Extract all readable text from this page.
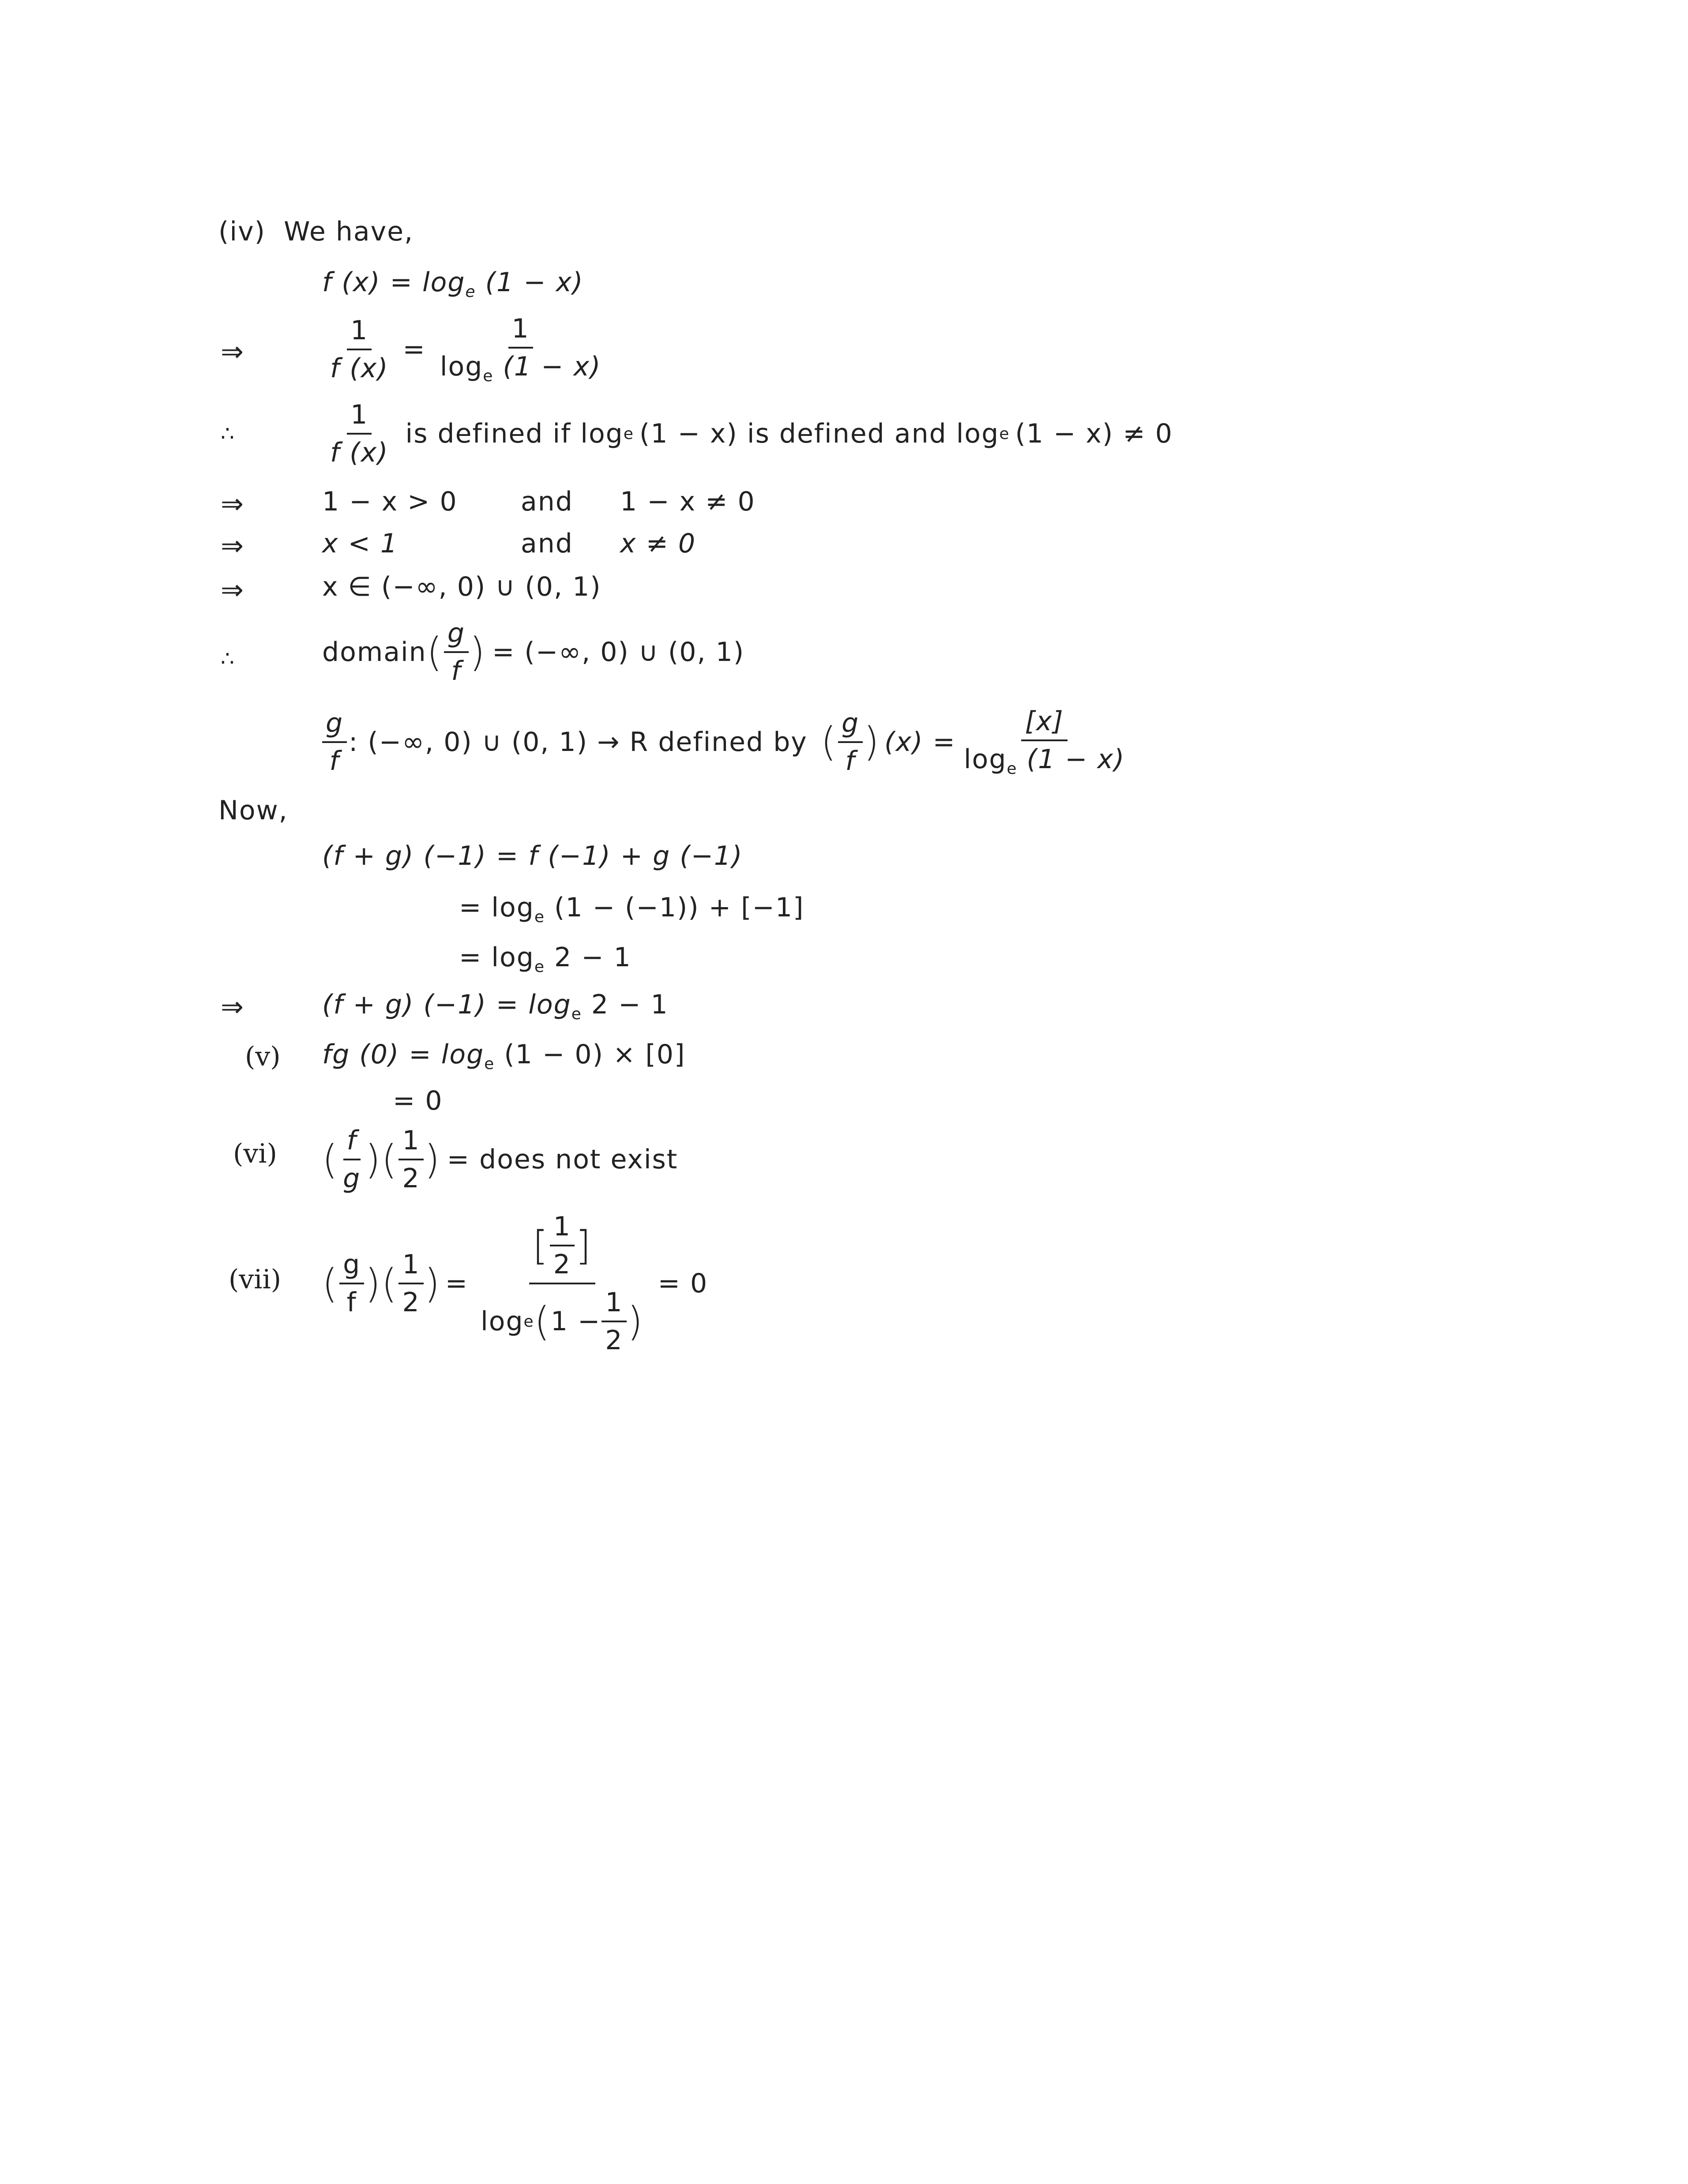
(iv) We have,
f $(x) = \log_e (1 - x)$
⇒	$\frac{1}{f (x)} = \frac{1}{\log_e (1 - x)}$
∴	$\frac{1}{f (x)}$ is defined if log e (1 − x) is defined and log e (1 − x) ≠ 0
⇒	1 − x > 0 and 1 − x ≠ 0
⇒	x < 1	and x ≠ 0
⇒	x ∈ (−∞, 0) ∪ (0, 1)
∴	domain ( $\frac{g}{f}$ ) = (−∞, 0) ∪ (0, 1)
$\frac{g}{f}$ : (−∞, 0) ∪ (0, 1) → R defined by ( $\frac{g}{f}$ ) $(x) = \frac{[x]}{\log_e (1 - x)}$
Now,
(f + g) (−1) = f (−1) + g (−1)
= $\log_e (1 - (-1)) + [-1]$
= $\log_e 2 - 1$
⇒	(f + g) $(-1) = \log_e 2 - 1$
(v) fg $(0) = \log_e (1 - 0) \times [0]$
= 0
(vi) ( $\frac{f}{g}$ ) ( $\frac{1}{2}$ ) = does not exist
(vii) ( $\frac{g}{f}$ ) ( $\frac{1}{2}$ ) =
[ $\frac{1}{2}$ ]
log e ( $1 - \frac{1}{2}$ )
= 0
